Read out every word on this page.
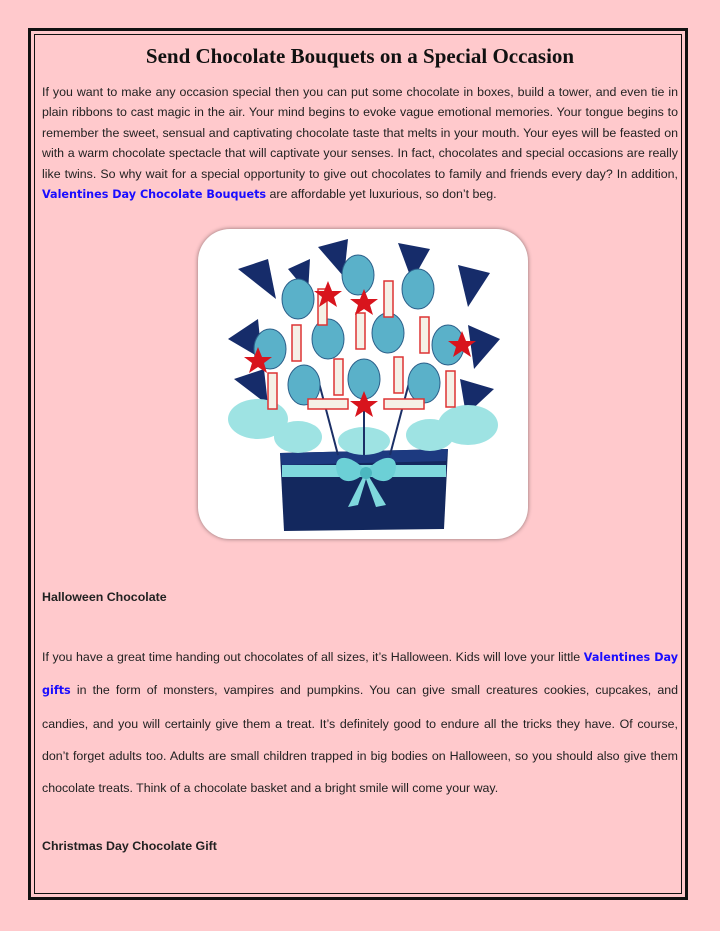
Send Chocolate Bouquets on a Special Occasion

If you want to make any occasion special then you can put some chocolate in boxes, build a tower, and even tie in plain ribbons to cast magic in the air. Your mind begins to evoke vague emotional memories. Your tongue begins to remember the sweet, sensual and captivating chocolate taste that melts in your mouth. Your eyes will be feasted on with a warm chocolate spectacle that will captivate your senses. In fact, chocolates and special occasions are really like twins. So why wait for a special opportunity to give out chocolates to family and friends every day? In addition, Valentines Day Chocolate Bouquets are affordable yet luxurious, so don’t beg.

Halloween Chocolate

If you have a great time handing out chocolates of all sizes, it’s Halloween. Kids will love your little Valentines Day gifts in the form of monsters, vampires and pumpkins. You can give small creatures cookies, cupcakes, and candies, and you will certainly give them a treat. It’s definitely good to endure all the tricks they have. Of course, don’t forget adults too. Adults are small children trapped in big bodies on Halloween, so you should also give them chocolate treats. Think of a chocolate basket and a bright smile will come your way.

Christmas Day Chocolate Gift
